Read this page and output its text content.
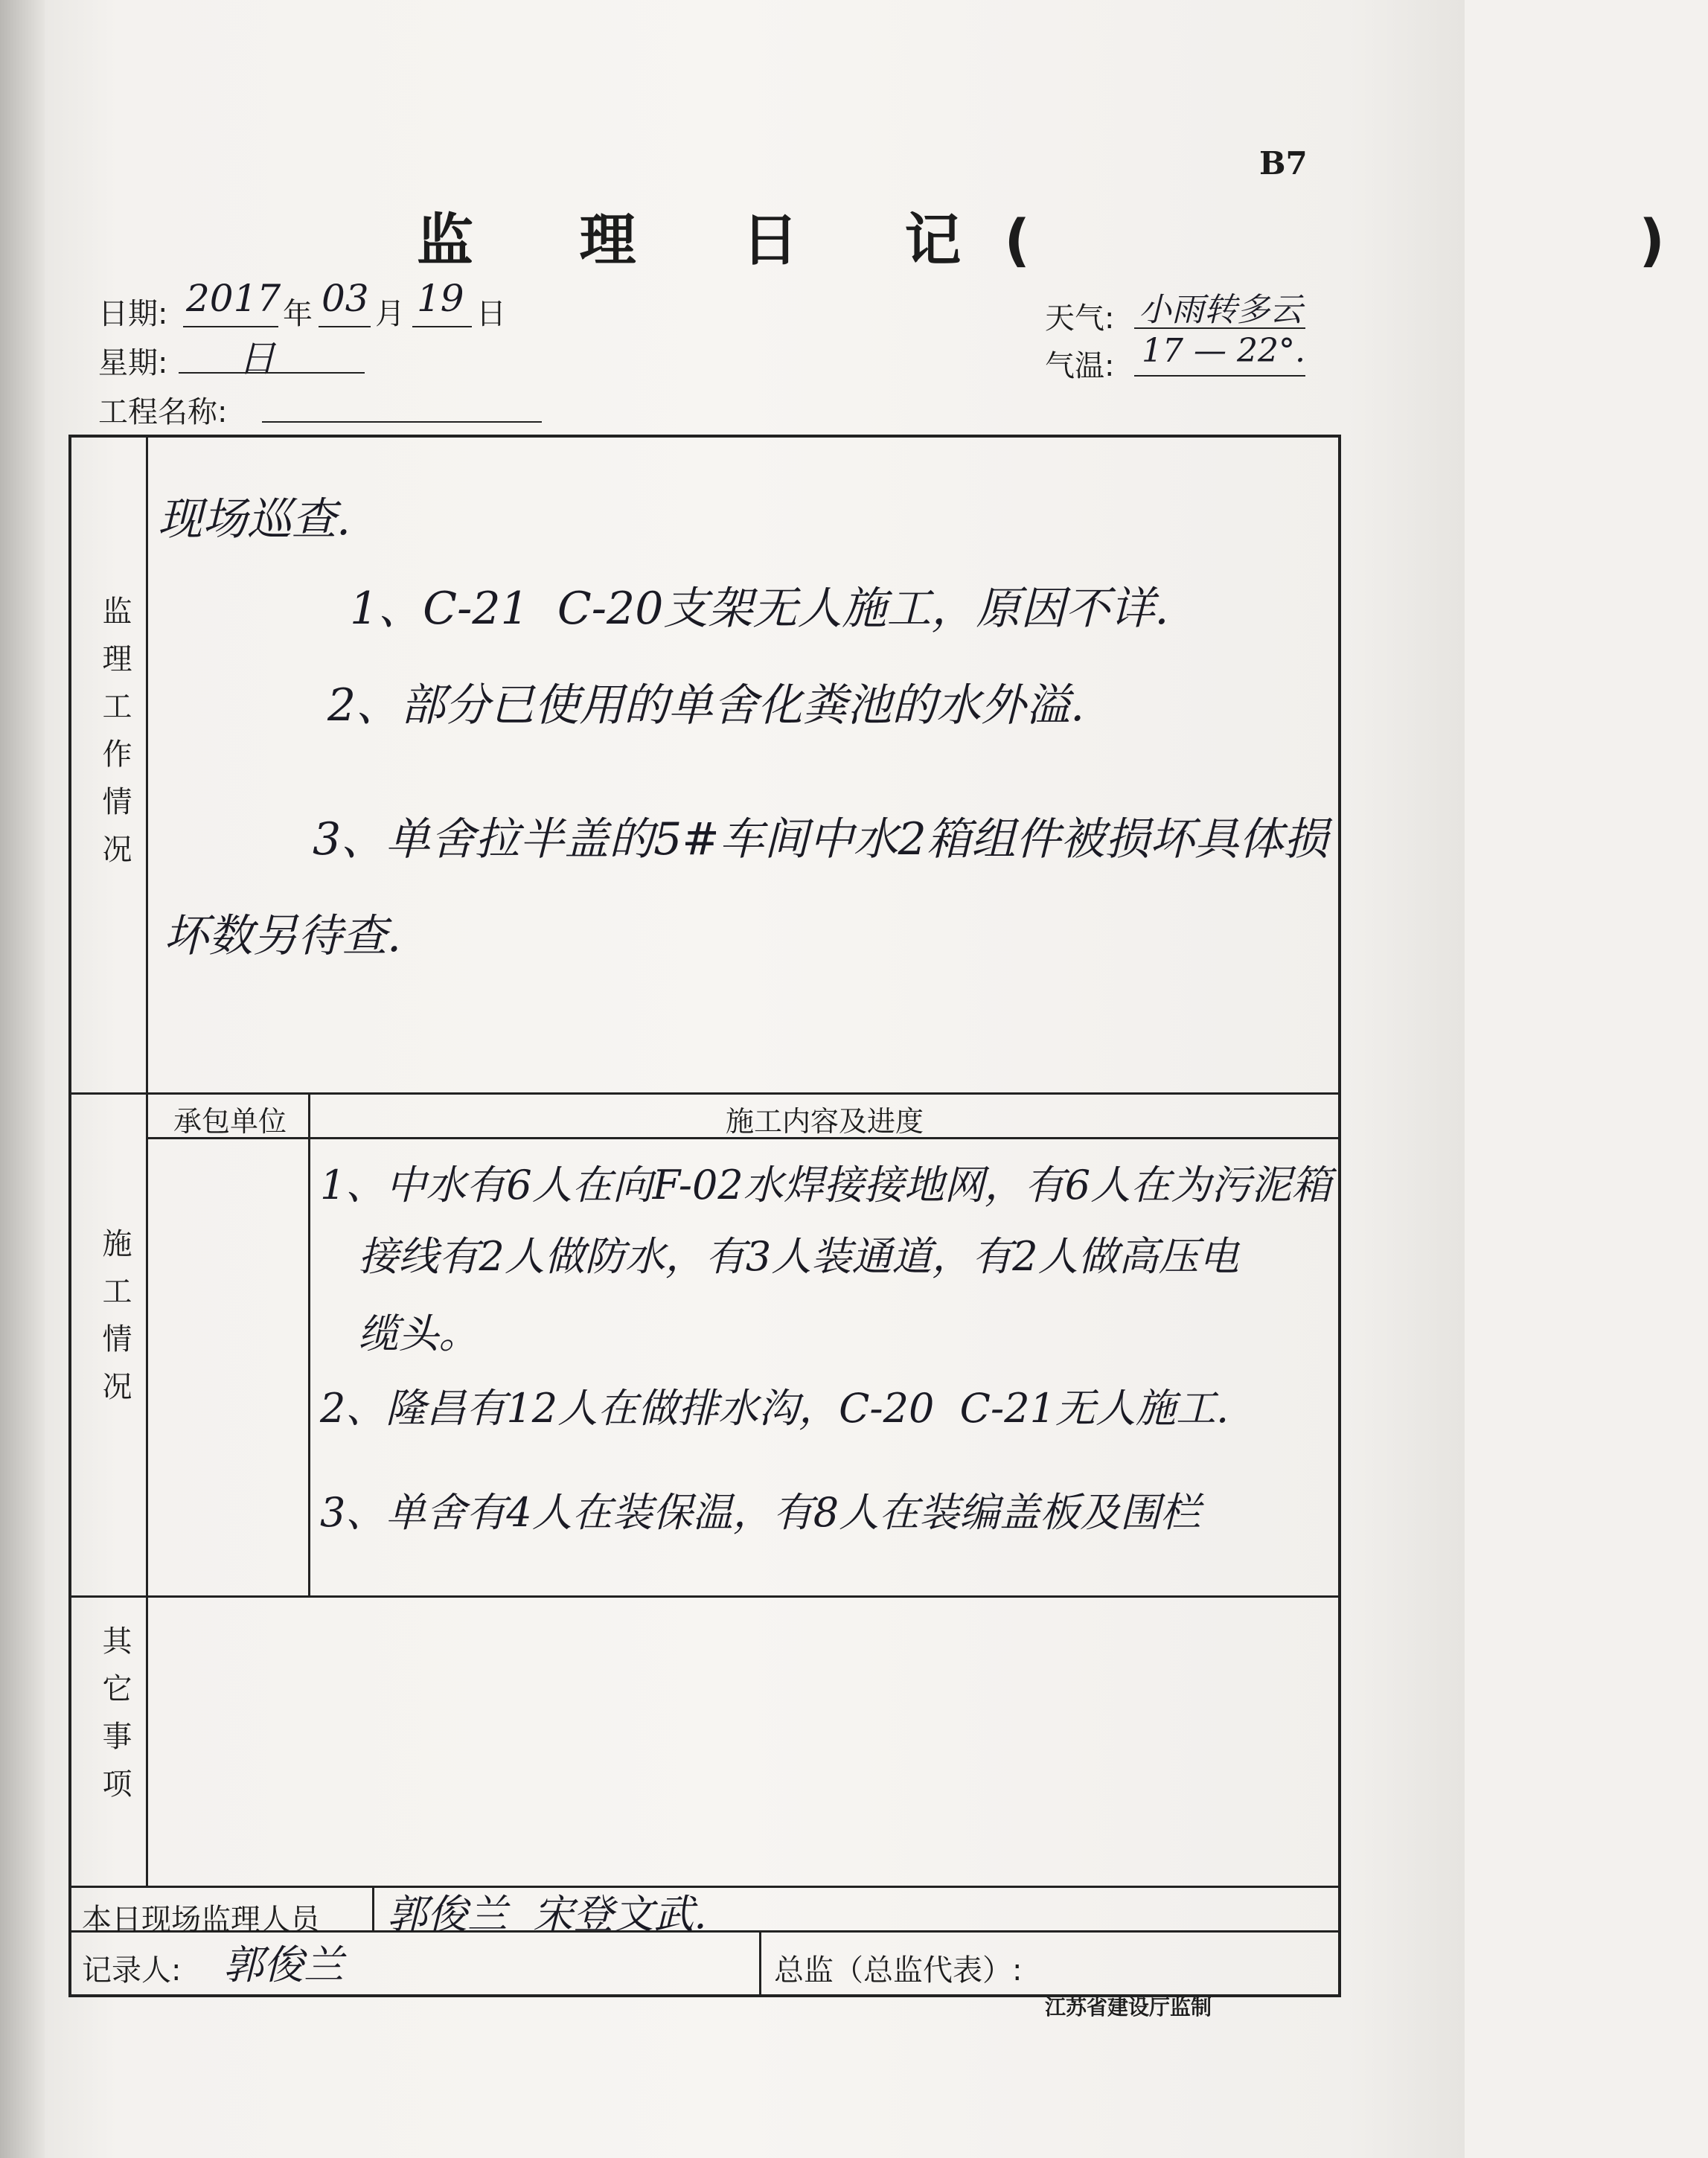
B7
监 理 日 记(         )
日期: 2017 年 03 月 19 日
星期: 日
工程名称:
天气: 小雨转多云
气温: 17 — 22°.
监理工作情况
现场巡查.
1、C-21  C-20支架无人施工，原因不详.
2、部分已使用的单舍化粪池的水外溢.
3、单舍拉半盖的5#车间中水2箱组件被损坏具体损
坏数另待查.
施工情况
承包单位	施工内容及进度
1、中水有6人在向F-02水焊接接地网，有6人在为污泥箱
接线有2人做防水，有3人装通道，有2人做高压电
缆头。
2、隆昌有12人在做排水沟，C-20  C-21无人施工.
3、单舍有4人在装保温，有8人在装编盖板及围栏
其它事项
本日现场监理人员 郭俊兰  宋登文武.
记录人: 郭俊兰	总监（总监代表）:
江苏省建设厅监制
